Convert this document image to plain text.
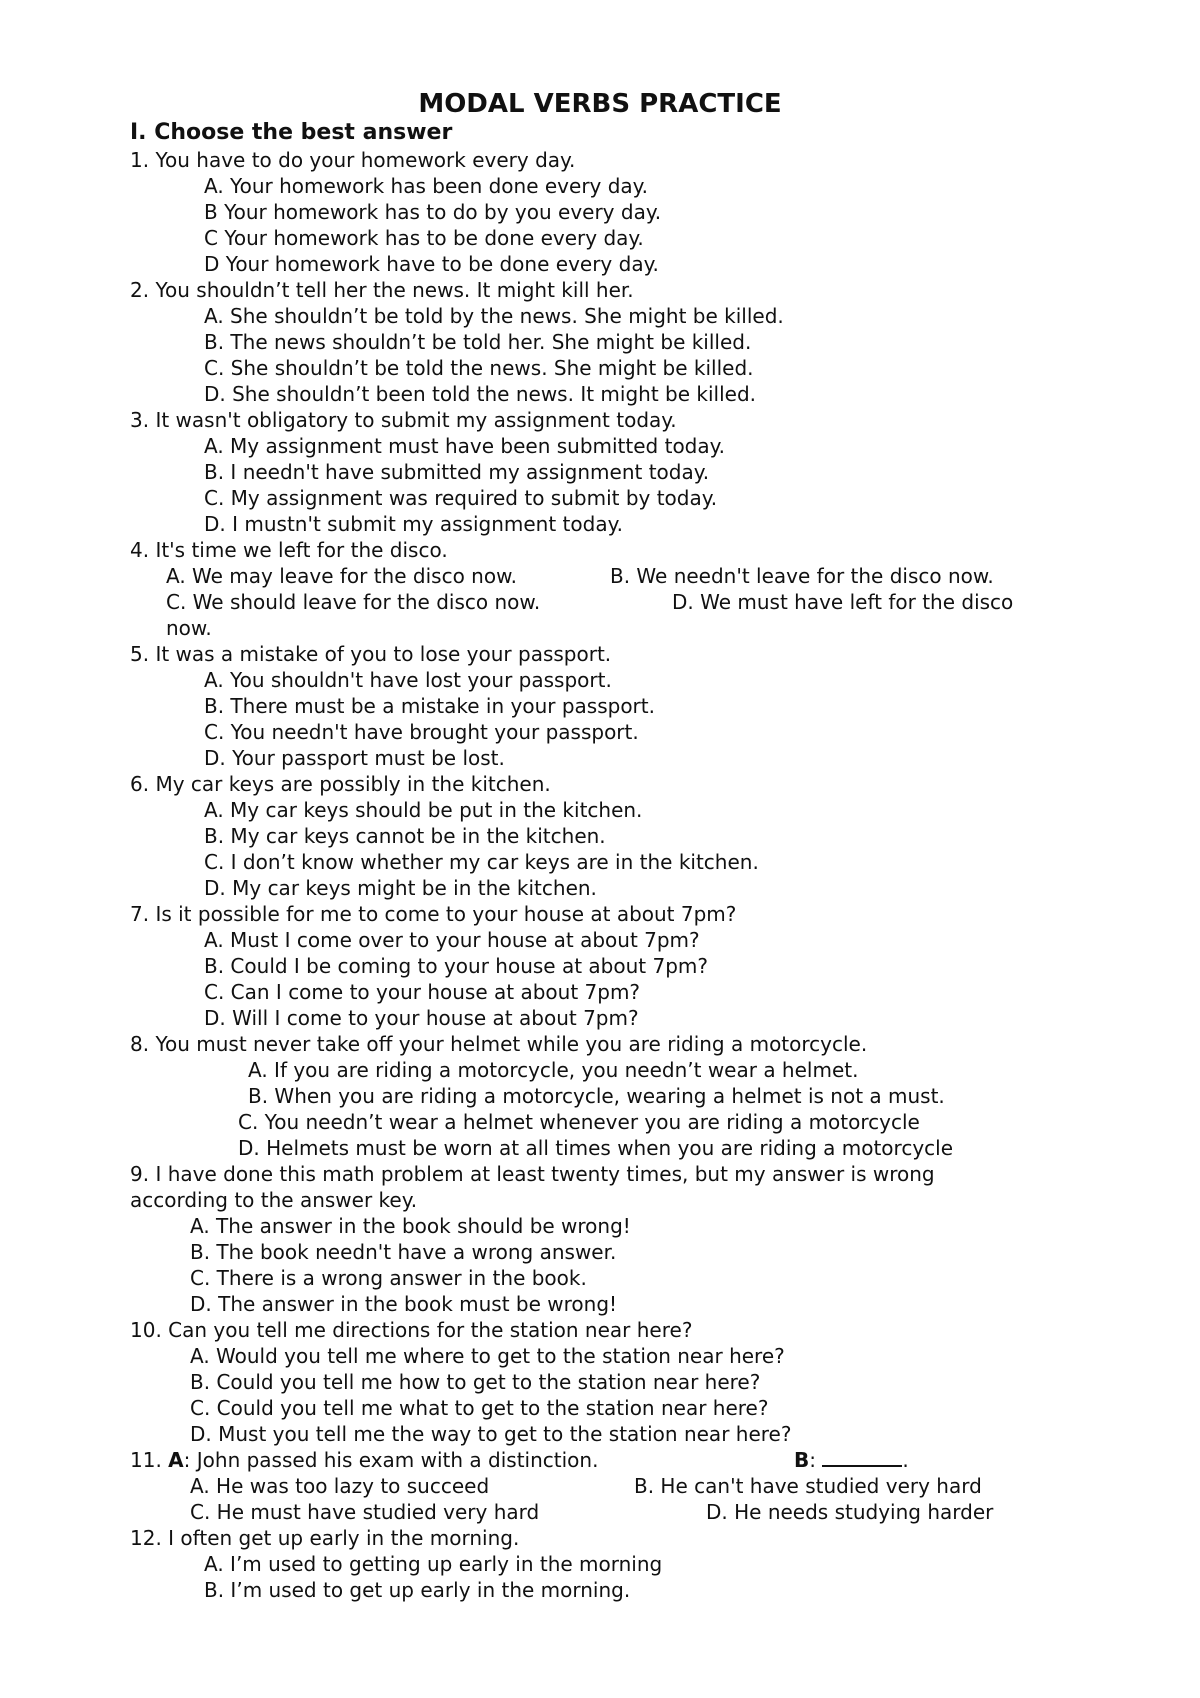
MODAL VERBS PRACTICE
I. Choose the best answer
1. You have to do your homework every day.
A. Your homework has been done every day.
B Your homework has to do by you every day.
C Your homework has to be done every day.
D Your homework have to be done every day.
2. You shouldn’t tell her the news. It might kill her.
A. She shouldn’t be told by the news. She might be killed.
B. The news shouldn’t be told her. She might be killed.
C. She shouldn’t be told the news. She might be killed.
D. She shouldn’t been told the news. It might be killed.
3. It wasn't obligatory to submit my assignment today.
A. My assignment must have been submitted today.
B. I needn't have submitted my assignment today.
C. My assignment was required to submit by today.
D. I mustn't submit my assignment today.
4. It's time we left for the disco.
A. We may leave for the disco now.	B. We needn't leave for the disco now.
C. We should leave for the disco now.	D. We must have left for the disco
now.
5. It was a mistake of you to lose your passport.
A. You shouldn't have lost your passport.
B. There must be a mistake in your passport.
C. You needn't have brought your passport.
D. Your passport must be lost.
6. My car keys are possibly in the kitchen.
A. My car keys should be put in the kitchen.
B. My car keys cannot be in the kitchen.
C. I don’t know whether my car keys are in the kitchen.
D. My car keys might be in the kitchen.
7. Is it possible for me to come to your house at about 7pm?
A. Must I come over to your house at about 7pm?
B. Could I be coming to your house at about 7pm?
C. Can I come to your house at about 7pm?
D. Will I come to your house at about 7pm?
8. You must never take off your helmet while you are riding a motorcycle.
A. If you are riding a motorcycle, you needn’t wear a helmet.
B. When you are riding a motorcycle, wearing a helmet is not a must.
C. You needn’t wear a helmet whenever you are riding a motorcycle
D. Helmets must be worn at all times when you are riding a motorcycle
9. I have done this math problem at least twenty times, but my answer is wrong
according to the answer key.
A. The answer in the book should be wrong!
B. The book needn't have a wrong answer.
C. There is a wrong answer in the book.
D. The answer in the book must be wrong!
10. Can you tell me directions for the station near here?
A. Would you tell me where to get to the station near here?
B. Could you tell me how to get to the station near here?
C. Could you tell me what to get to the station near here?
D. Must you tell me the way to get to the station near here?
11. A: John passed his exam with a distinction.	B:	.
A. He was too lazy to succeed	B. He can't have studied very hard
C. He must have studied very hard	D. He needs studying harder
12. I often get up early in the morning.
A. I’m used to getting up early in the morning
B. I’m used to get up early in the morning.
